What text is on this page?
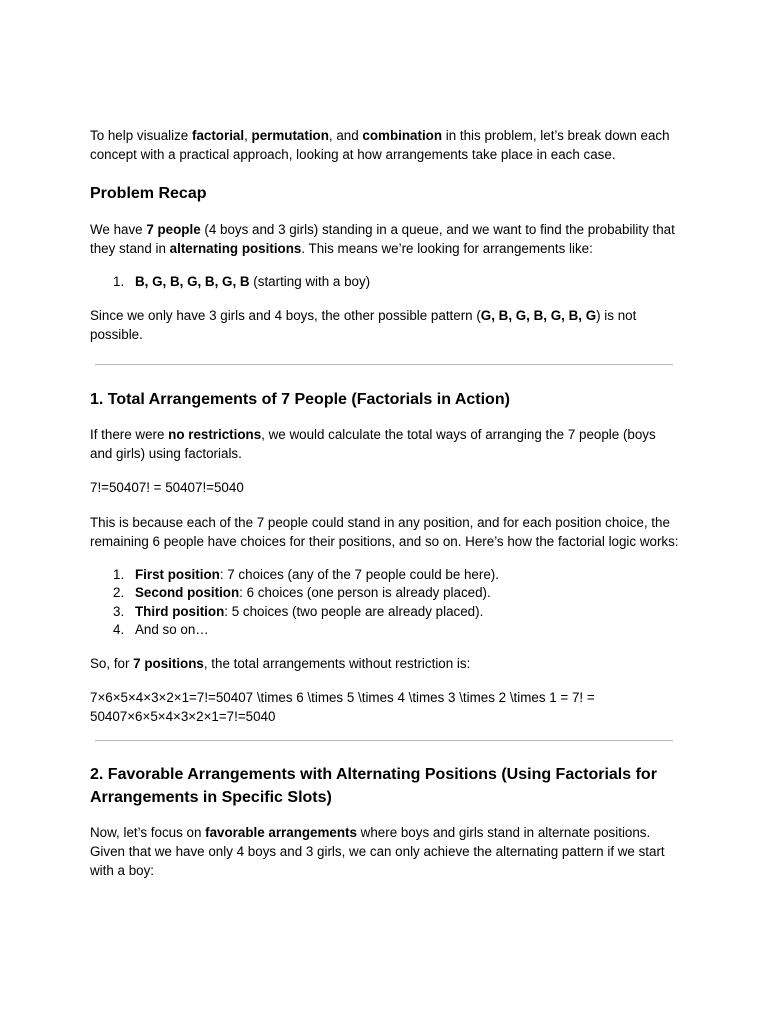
To help visualize factorial, permutation, and combination in this problem, let’s break down each concept with a practical approach, looking at how arrangements take place in each case.

Problem Recap

We have 7 people (4 boys and 3 girls) standing in a queue, and we want to find the probability that they stand in alternating positions. This means we’re looking for arrangements like:

1. B, G, B, G, B, G, B (starting with a boy)

Since we only have 3 girls and 4 boys, the other possible pattern (G, B, G, B, G, B, G) is not possible.

1. Total Arrangements of 7 People (Factorials in Action)

If there were no restrictions, we would calculate the total ways of arranging the 7 people (boys and girls) using factorials.

7!=50407! = 50407!=5040

This is because each of the 7 people could stand in any position, and for each position choice, the remaining 6 people have choices for their positions, and so on. Here’s how the factorial logic works:

1. First position: 7 choices (any of the 7 people could be here).
2. Second position: 6 choices (one person is already placed).
3. Third position: 5 choices (two people are already placed).
4. And so on…

So, for 7 positions, the total arrangements without restriction is:

7×6×5×4×3×2×1=7!=50407 \times 6 \times 5 \times 4 \times 3 \times 2 \times 1 = 7! = 50407×6×5×4×3×2×1=7!=5040

2. Favorable Arrangements with Alternating Positions (Using Factorials for Arrangements in Specific Slots)

Now, let’s focus on favorable arrangements where boys and girls stand in alternate positions. Given that we have only 4 boys and 3 girls, we can only achieve the alternating pattern if we start with a boy:
